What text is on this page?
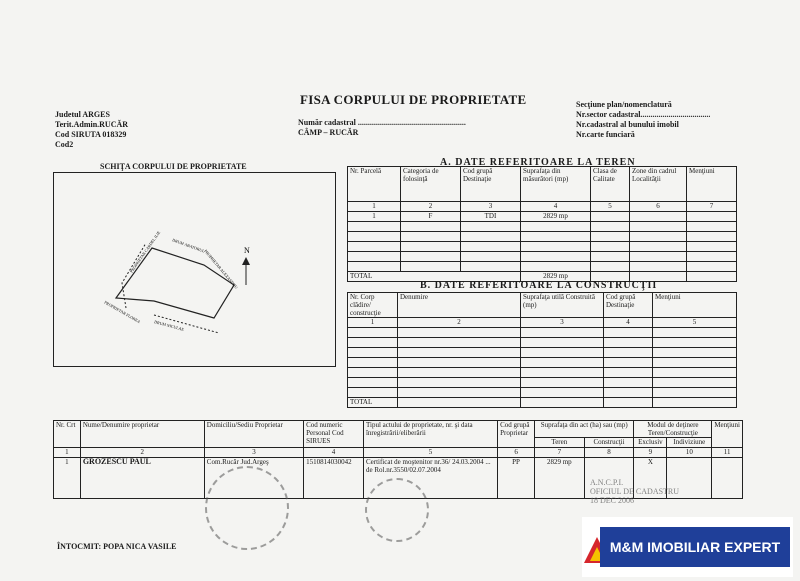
FISA CORPULUI DE PROPRIETATE
Judetul ARGES
Terit.Admin.RUCĂR
Cod SIRUTA 018329
Cod2
Număr cadastral ......................................................
CÂMP – RUCĂR
Secţiune plan/nomenclatură
Nr.sector cadastral...................................
Nr.cadastral al bunului imobil
Nr.carte funciară
SCHIŢA CORPULUI DE PROPRIETATE
N
PROPRIETAR CARDEL ILIE	DRUM ABATORUL
PROPRIETAR FLOREA
DRUM NICULAE
PROPRIETAR ALEXANDRU
A. DATE REFERITOARE LA TEREN
Nr. Parcelă	Categoria de folosinţă	Cod grupă Destinaţie	Suprafaţa din măsurători (mp)	Clasa de Calitate	Zone din cadrul Localităţii	Menţiuni
1	2	3	4	5	6	7
1	F	TDI	2829 mp			

TOTAL			2829 mp			
B. DATE REFERITOARE LA CONSTRUCŢII
Nr. Corp clădire/ construcţie	Denumire	Suprafaţa utilă Construită (mp)	Cod grupă Destinaţie	Menţiuni
1	2	3	4	5

TOTAL				
Nr. Crt	Nume/Denumire proprietar	Domiciliu/Sediu Proprietar	Cod numeric Personal Cod SIRUES	Tipul actului de proprietate, nr. şi data înregistrării/eliberării	Cod grupă Proprietar	Suprafaţa din act (ha) sau (mp)		Modul de deţinere Teren/Construcţie		Menţiuni
						Teren	Construcţii	Exclusiv	Indiviziune	
1	2	3	4	5	6	7	8	9	10	11
1	GROZESCU PAUL	Com.Rucăr Jud.Argeş	1510814030042	Certificat de moştenitor nr.36/ 24.03.2004 ... de Rol.nr.3550/02.07.2004	PP	2829 mp		X		
A.N.C.P.I.
OFICIUL DE CADASTRU
18 DEC 2006
ÎNTOCMIT: POPA NICA VASILE	M&M IMOBILIAR EXPERT
